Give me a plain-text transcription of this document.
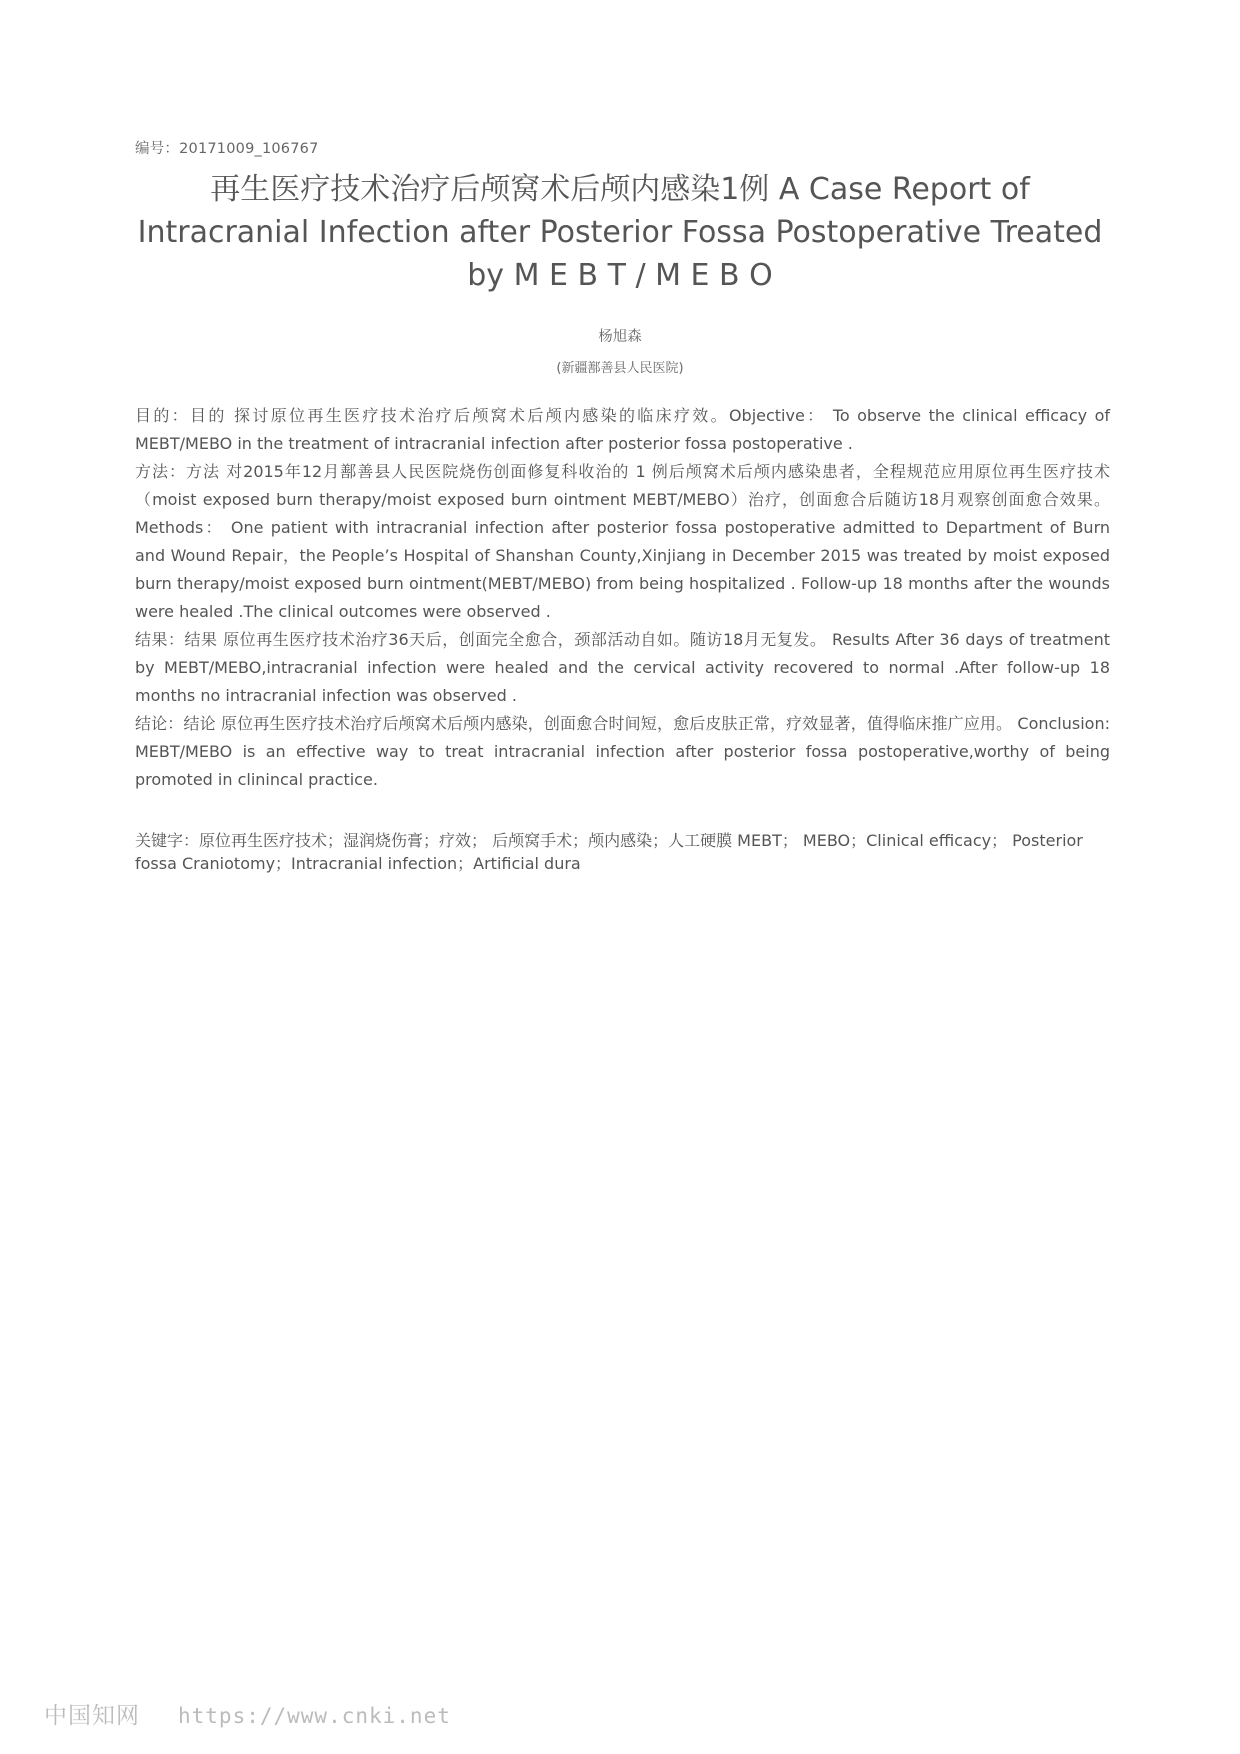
编号：20171009_106767
再生医疗技术治疗后颅窝术后颅内感染1例 A Case Report of Intracranial Infection after Posterior Fossa Postoperative Treated by M E B T / M E B O
杨旭森
(新疆鄯善县人民医院)

目的：目的 探讨原位再生医疗技术治疗后颅窝术后颅内感染的临床疗效。Objective： To observe the clinical efficacy of MEBT/MEBO in the treatment of intracranial infection after posterior fossa postoperative .

方法：方法 对2015年12月鄯善县人民医院烧伤创面修复科收治的 1 例后颅窝术后颅内感染患者，全程规范应用原位再生医疗技术（moist exposed burn therapy/moist exposed burn ointment MEBT/MEBO）治疗，创面愈合后随访18月观察创面愈合效果。Methods： One patient with intracranial infection after posterior fossa postoperative admitted to Department of Burn and Wound Repair，the People’s Hospital of Shanshan County,Xinjiang in December 2015 was treated by moist exposed burn therapy/moist exposed burn ointment(MEBT/MEBO) from being hospitalized . Follow-up 18 months after the wounds were healed .The clinical outcomes were observed .

结果：结果 原位再生医疗技术治疗36天后，创面完全愈合，颈部活动自如。随访18月无复发。 Results After 36 days of treatment by MEBT/MEBO,intracranial infection were healed and the cervical activity recovered to normal .After follow-up 18 months no intracranial infection was observed .

结论：结论 原位再生医疗技术治疗后颅窝术后颅内感染，创面愈合时间短，愈后皮肤正常，疗效显著，值得临床推广应用。 Conclusion: MEBT/MEBO is an effective way to treat intracranial infection after posterior fossa postoperative,worthy of being promoted in clinincal practice.

关键字：原位再生医疗技术；湿润烧伤膏；疗效； 后颅窝手术；颅内感染；人工硬膜 MEBT； MEBO；Clinical efficacy； Posterior fossa Craniotomy；Intracranial infection；Artificial dura

中国知网 https://www.cnki.net
